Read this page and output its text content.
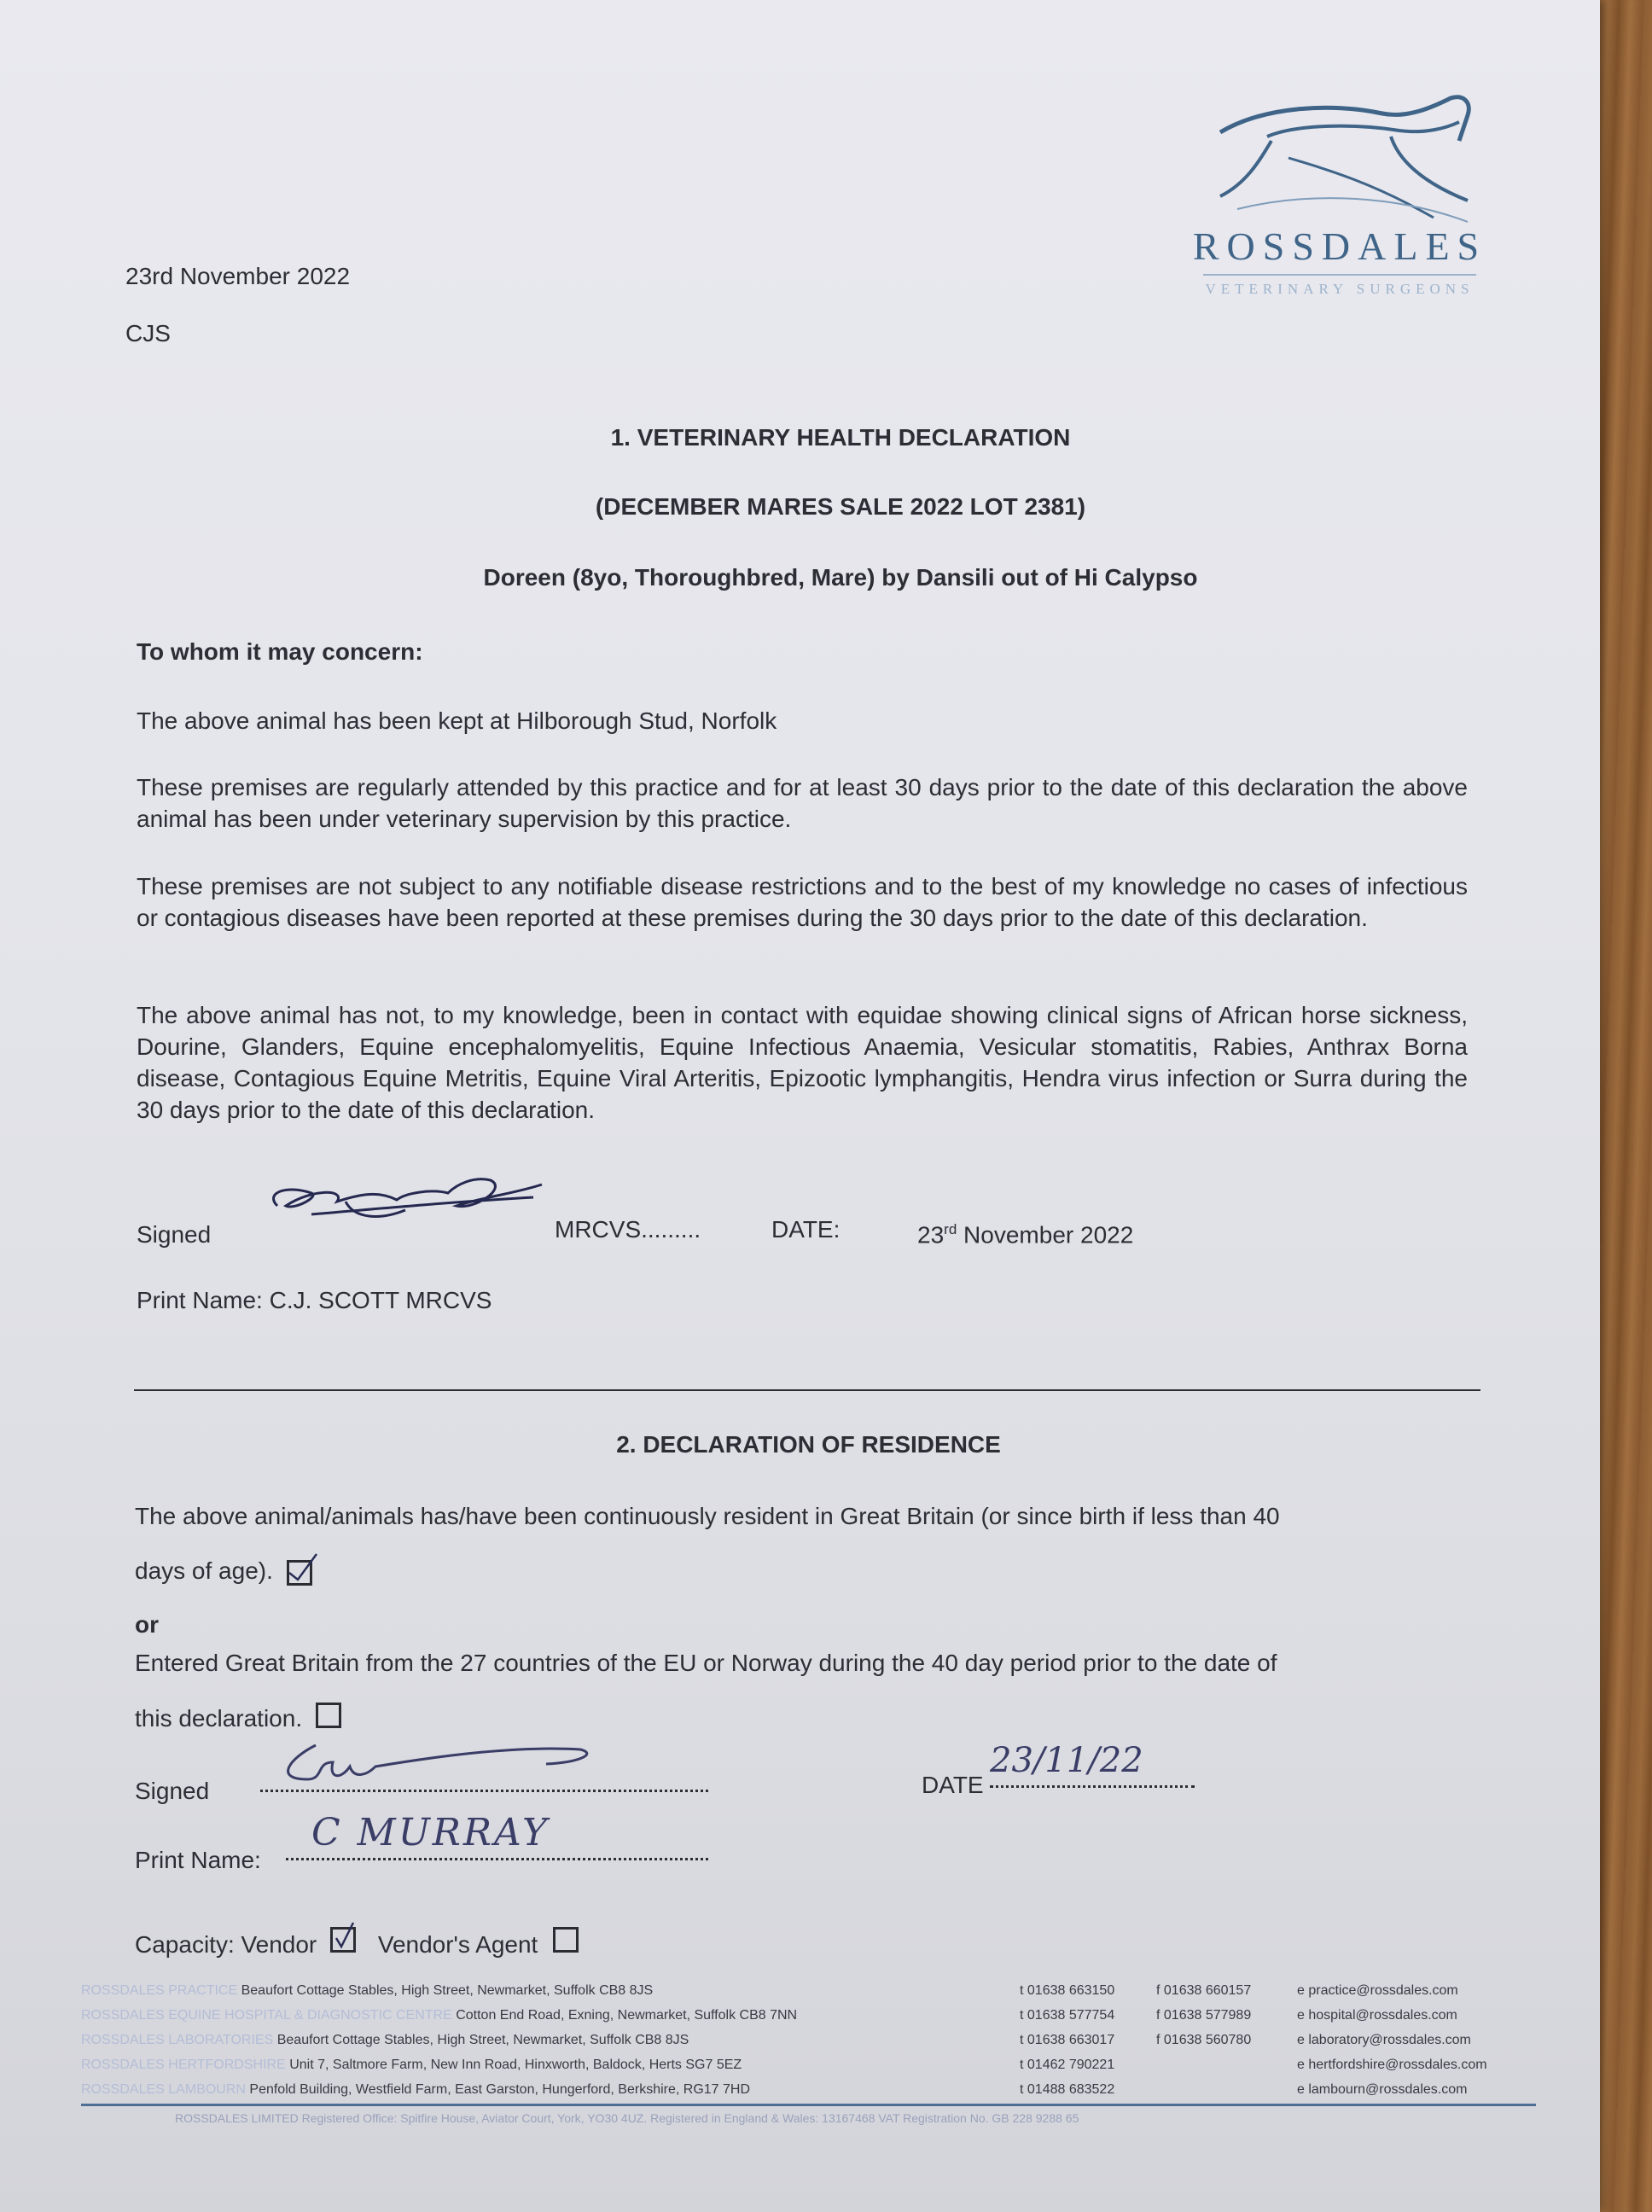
ROSSDALES
VETERINARY SURGEONS
23rd November 2022
CJS
1. VETERINARY HEALTH DECLARATION
(DECEMBER MARES SALE 2022 LOT 2381)
Doreen (8yo, Thoroughbred, Mare) by Dansili out of Hi Calypso
To whom it may concern:
The above animal has been kept at Hilborough Stud, Norfolk
These premises are regularly attended by this practice and for at least 30 days prior to the date of this declaration the above animal has been under veterinary supervision by this practice.
These premises are not subject to any notifiable disease restrictions and to the best of my knowledge no cases of infectious or contagious diseases have been reported at these premises during the 30 days prior to the date of this declaration.
The above animal has not, to my knowledge, been in contact with equidae showing clinical signs of African horse sickness, Dourine, Glanders, Equine encephalomyelitis, Equine Infectious Anaemia, Vesicular stomatitis, Rabies, Anthrax Borna disease, Contagious Equine Metritis, Equine Viral Arteritis, Epizootic lymphangitis, Hendra virus infection or Surra during the 30 days prior to the date of this declaration.
Signed	MRCVS.........	DATE:	23rd November 2022
Print Name: C.J. SCOTT MRCVS
2. DECLARATION OF RESIDENCE
The above animal/animals has/have been continuously resident in Great Britain (or since birth if less than 40
days of age).
or
Entered Great Britain from the 27 countries of the EU or Norway during the 40 day period prior to the date of
this declaration.
Signed	DATE
23/11/22
Print Name:
C MURRAY
Capacity: Vendor	Vendor's Agent
ROSSDALES PRACTICE Beaufort Cottage Stables, High Street, Newmarket, Suffolk CB8 8JS	t 01638 663150	f 01638 660157	e practice@rossdales.com
ROSSDALES EQUINE HOSPITAL & DIAGNOSTIC CENTRE Cotton End Road, Exning, Newmarket, Suffolk CB8 7NN	t 01638 577754	f 01638 577989	e hospital@rossdales.com
ROSSDALES LABORATORIES Beaufort Cottage Stables, High Street, Newmarket, Suffolk CB8 8JS	t 01638 663017	f 01638 560780	e laboratory@rossdales.com
ROSSDALES HERTFORDSHIRE Unit 7, Saltmore Farm, New Inn Road, Hinxworth, Baldock, Herts SG7 5EZ	t 01462 790221	e hertfordshire@rossdales.com
ROSSDALES LAMBOURN Penfold Building, Westfield Farm, East Garston, Hungerford, Berkshire, RG17 7HD	t 01488 683522	e lambourn@rossdales.com
ROSSDALES LIMITED Registered Office: Spitfire House, Aviator Court, York, YO30 4UZ. Registered in England & Wales: 13167468 VAT Registration No. GB 228 9288 65
